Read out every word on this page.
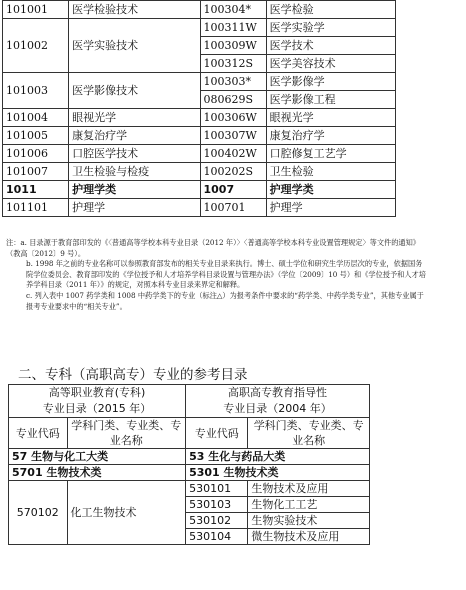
101001	医学检验技术	100304*	医学检验
101002	医学实验技术	100311W	医学实验学
		100309W	医学技术
		100312S	医学美容技术
101003	医学影像技术	100303*	医学影像学
		080629S	医学影像工程
101004	眼视光学	100306W	眼视光学
101005	康复治疗学	100307W	康复治疗学
101006	口腔医学技术	100402W	口腔修复工艺学
101007	卫生检验与检疫	100202S	卫生检验
1011	护理学类	1007	护理学类
101101	护理学	100701	护理学

注：a. 目录源于教育部印发的《〈普通高等学校本科专业目录（2012 年）〉〈普通高等学校本科专业设置管理规定〉等文件的通知》（教高〔2012〕9 号）。

b. 1998 年之前的专业名称可以参照教育部发布的相关专业目录来执行。博士、硕士学位和研究生学历层次的专业，依据国务院学位委员会、教育部印发的《学位授予和人才培养学科目录设置与管理办法》（学位〔2009〕10 号）和《学位授予和人才培养学科目录（2011 年）》的规定，对照本科专业目录来界定和解释。

c. 列入表中 1007 药学类和 1008 中药学类下的专业（标注△）为报考条件中要求的“药学类、中药学类专业”，其他专业属于报考专业要求中的“相关专业”。

二、专科（高职高专）专业的参考目录
高等职业教育(专科)
专业目录（2015 年）		高职高专教育指导性
专业目录（2004 年）	
专业代码	学科门类、专业类、专业名称	专业代码	学科门类、专业类、专业名称
57 生物与化工大类		53 生化与药品大类	
5701 生物技术类		5301 生物技术类	
570102	化工生物技术	530101	生物技术及应用
		530103	生物化工工艺
		530102	生物实验技术
		530104	微生物技术及应用
